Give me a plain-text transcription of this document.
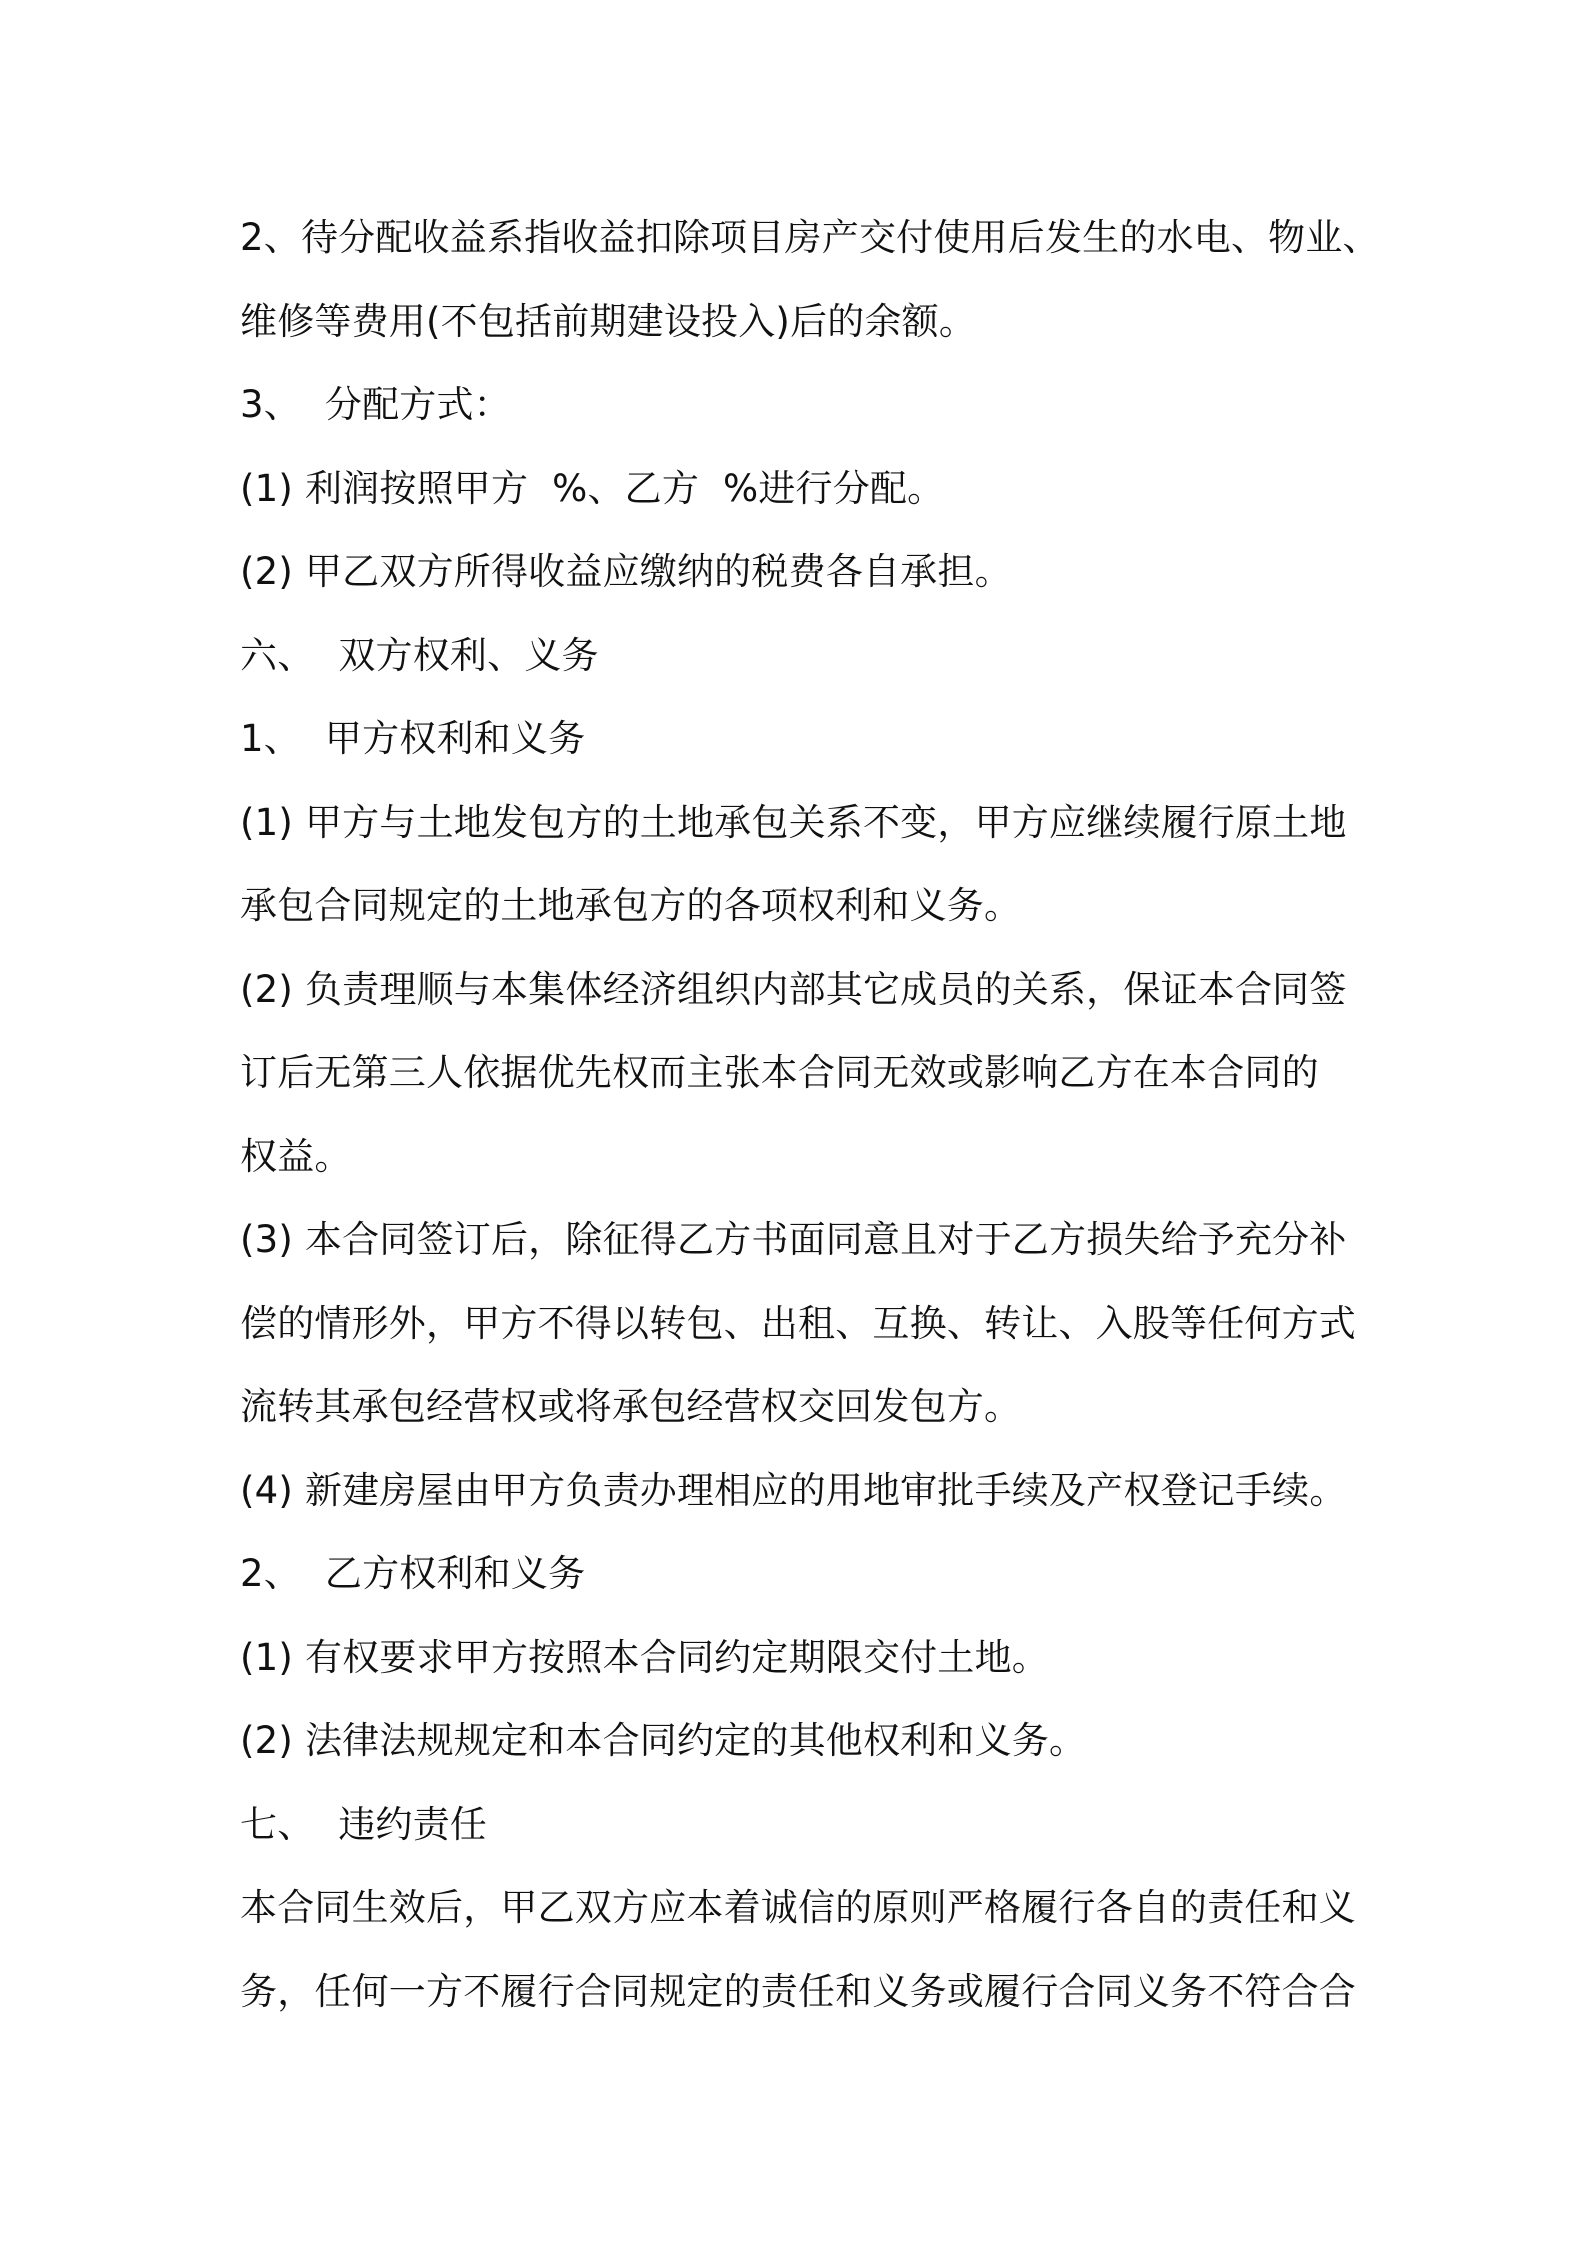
2、待分配收益系指收益扣除项目房产交付使用后发生的水电、物业、
维修等费用(不包括前期建设投入)后的余额。
3、  分配方式：
(1) 利润按照甲方  %、乙方  %进行分配。
(2) 甲乙双方所得收益应缴纳的税费各自承担。
六、  双方权利、义务
1、  甲方权利和义务
(1) 甲方与土地发包方的土地承包关系不变，甲方应继续履行原土地
承包合同规定的土地承包方的各项权利和义务。
(2) 负责理顺与本集体经济组织内部其它成员的关系，保证本合同签
订后无第三人依据优先权而主张本合同无效或影响乙方在本合同的
权益。
(3) 本合同签订后，除征得乙方书面同意且对于乙方损失给予充分补
偿的情形外，甲方不得以转包、出租、互换、转让、入股等任何方式
流转其承包经营权或将承包经营权交回发包方。
(4) 新建房屋由甲方负责办理相应的用地审批手续及产权登记手续。
2、  乙方权利和义务
(1) 有权要求甲方按照本合同约定期限交付土地。
(2) 法律法规规定和本合同约定的其他权利和义务。
七、  违约责任
本合同生效后，甲乙双方应本着诚信的原则严格履行各自的责任和义
务，任何一方不履行合同规定的责任和义务或履行合同义务不符合合
